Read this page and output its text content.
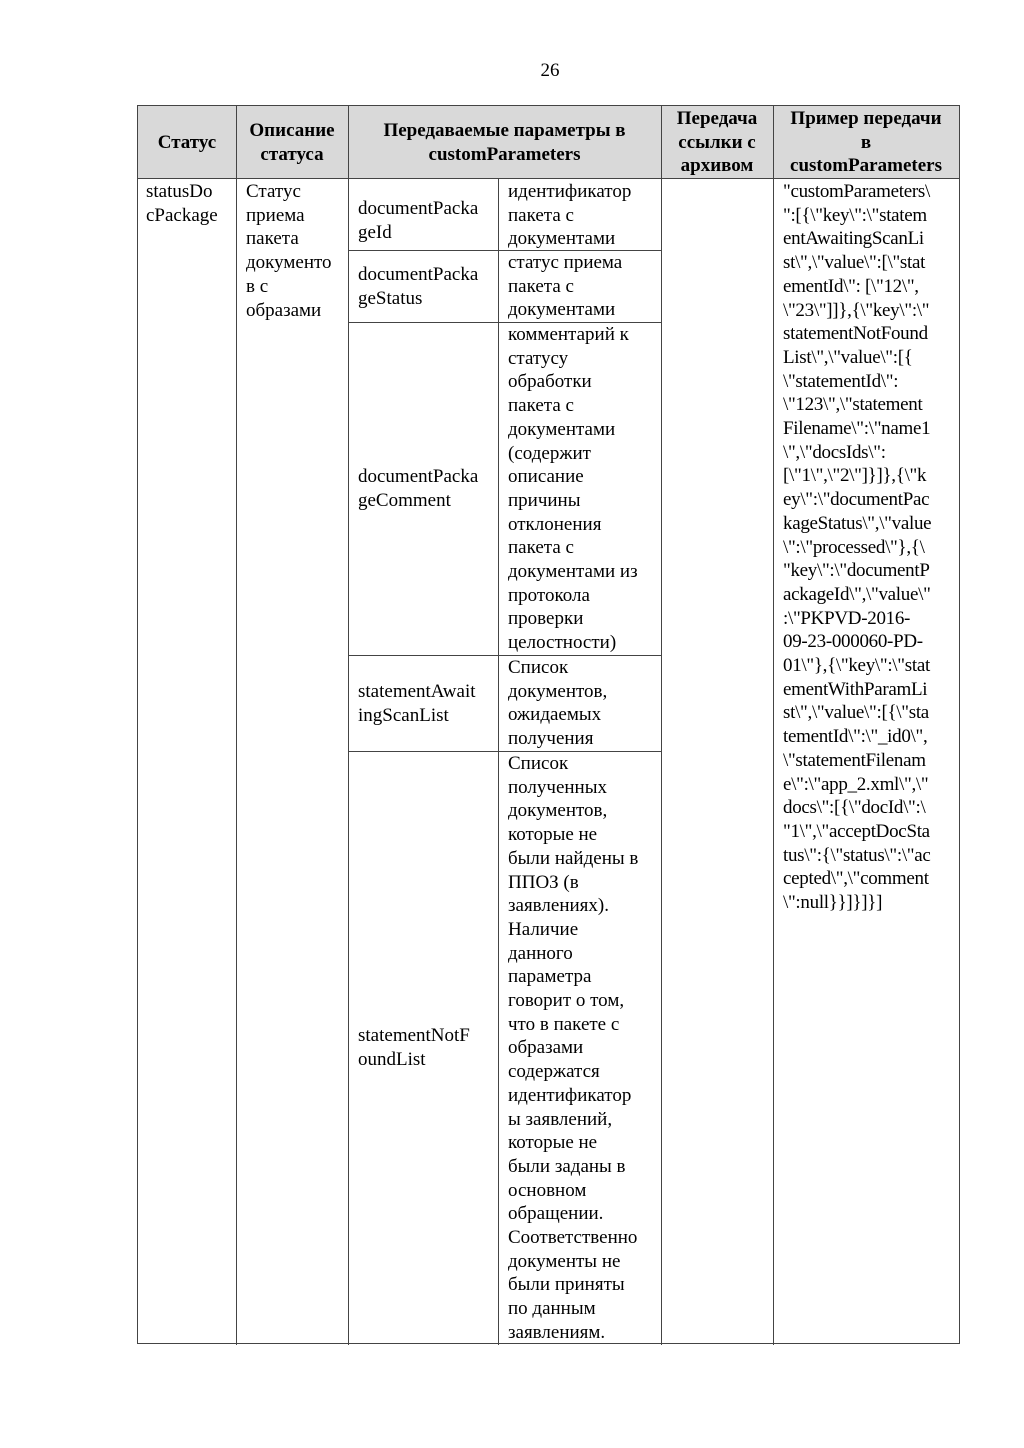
26
Статус
Описание
статуса
Передаваемые параметры в
customParameters
Передача
ссылки с
архивом
Пример передачи
в
customParameters
statusDo
cPackage
Статус
приема
пакета
документо
в с
образами
"customParameters\
":[{\"key\":\"statem
entAwaitingScanLi
st\",\"value\":[\"stat
ementId\": [\"12\",
\"23\"]]},{\"key\":\"
statementNotFound
List\",\"value\":[{
\"statementId\":
\"123\",\"statement
Filename\":\"name1
\",\"docsIds\":
[\"1\",\"2\"]}]},{\"k
ey\":\"documentPac
kageStatus\",\"value
\":\"processed\"},{\
"key\":\"documentP
ackageId\",\"value\"
:\"PKPVD-2016-
09-23-000060-PD-
01\"},{\"key\":\"stat
ementWithParamLi
st\",\"value\":[{\"sta
tementId\":\"_id0\",
\"statementFilenam
e\":\"app_2.xml\",\"
docs\":[{\"docId\":\
"1\",\"acceptDocSta
tus\":{\"status\":\"ac
cepted\",\"comment
\":null}}]}]}]
documentPacka
geId
documentPacka
geStatus
documentPacka
geComment
statementAwait
ingScanList
statementNotF
oundList
идентификатор
пакета с
документами
статус приема
пакета с
документами
комментарий к
статусу
обработки
пакета с
документами
(содержит
описание
причины
отклонения
пакета с
документами из
протокола
проверки
целостности)
Список
документов,
ожидаемых
получения
Список
полученных
документов,
которые не
были найдены в
ППОЗ (в
заявлениях).
Наличие
данного
параметра
говорит о том,
что в пакете с
образами
содержатся
идентификатор
ы заявлений,
которые не
были заданы в
основном
обращении.
Соответственно
документы не
были приняты
по данным
заявлениям.
